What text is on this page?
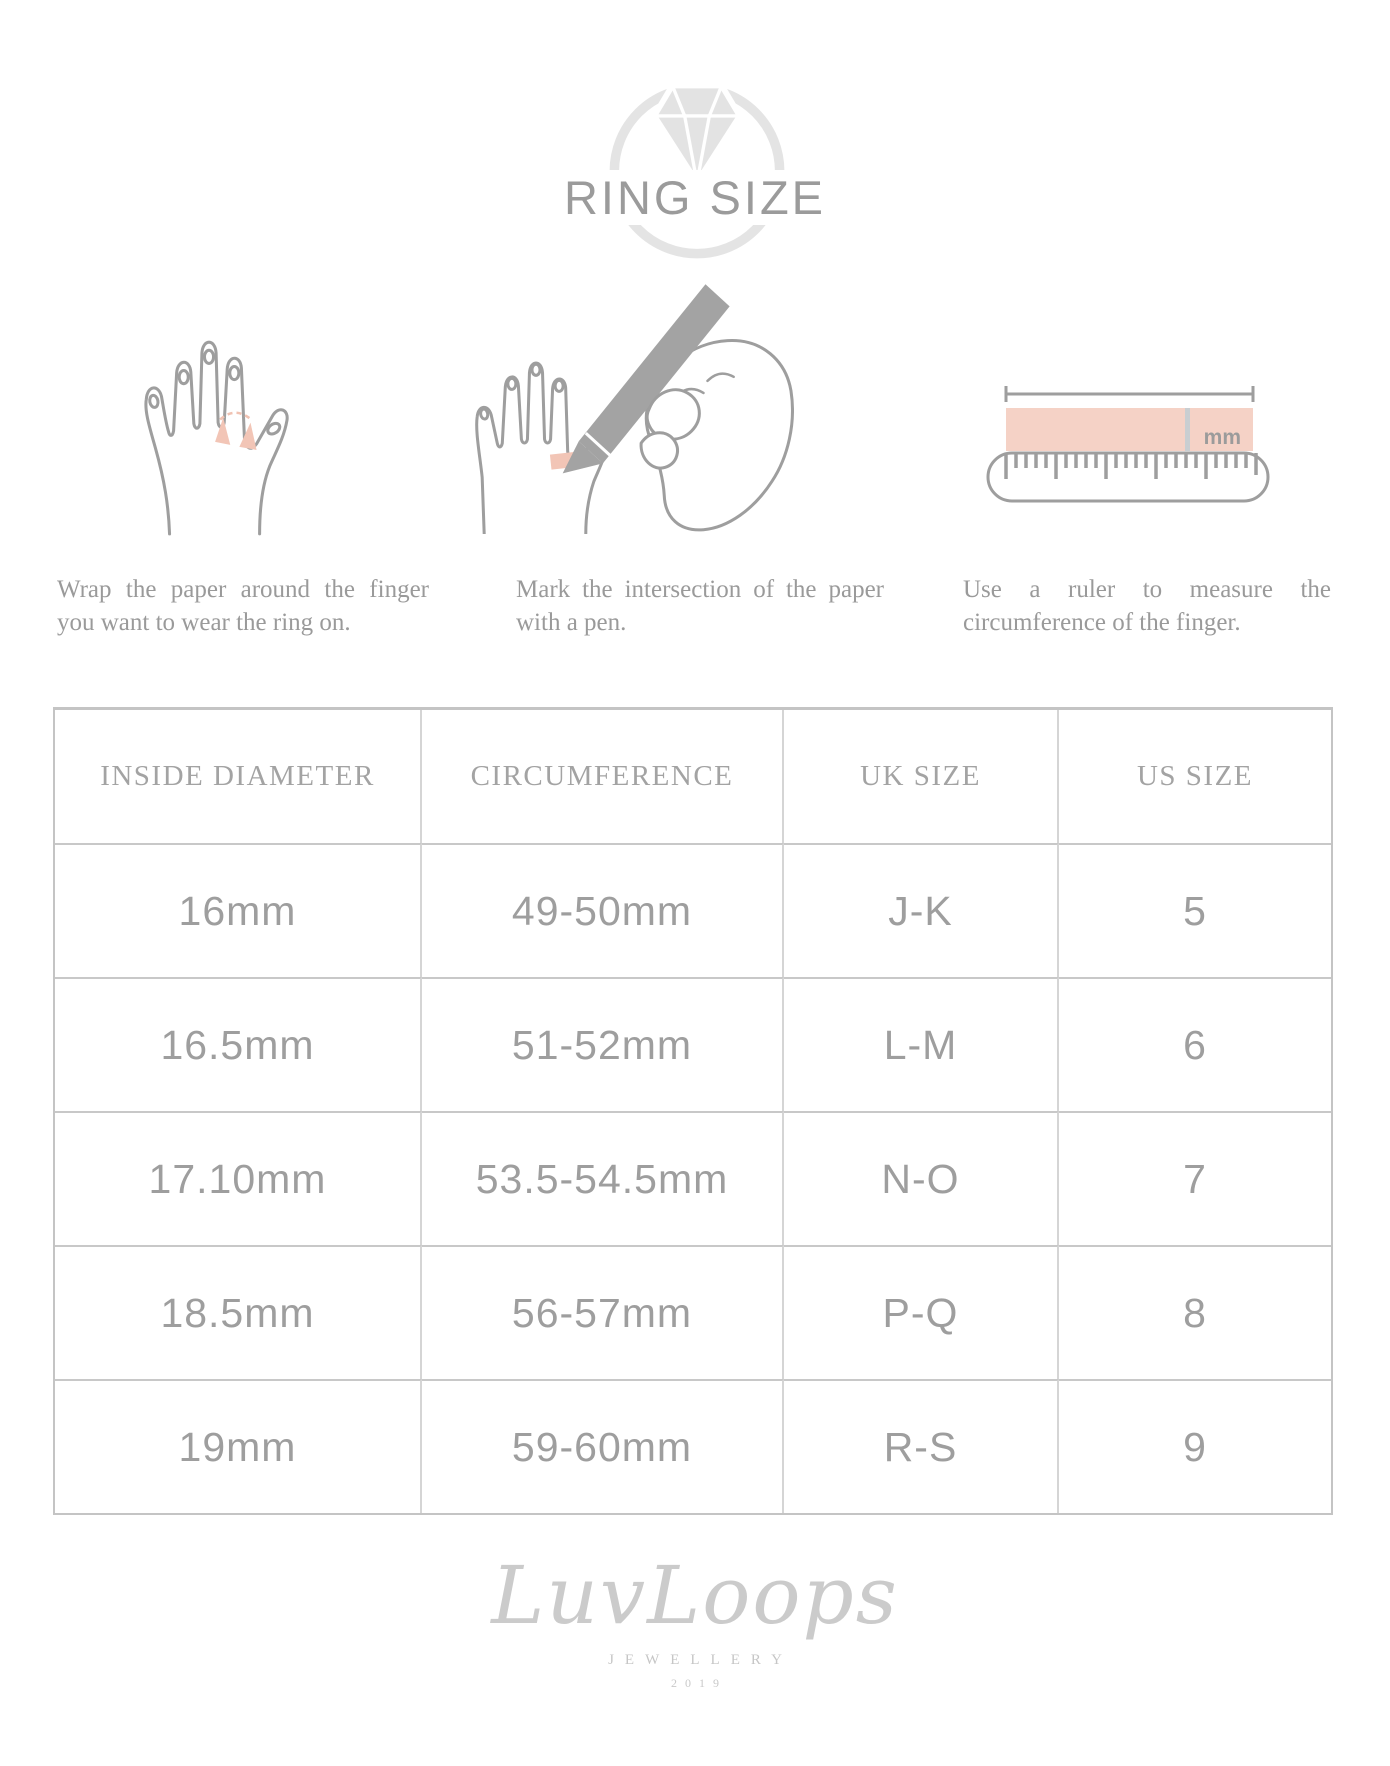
RING SIZE
mm

Wrap the paper around the finger you want to wear the ring on.

Mark the intersection of the paper with a pen.

Use a ruler to measure the circumference of the finger.

INSIDE DIAMETER	CIRCUMFERENCE	UK SIZE	US SIZE
16mm	49-50mm	J-K	5
16.5mm	51-52mm	L-M	6
17.10mm	53.5-54.5mm	N-O	7
18.5mm	56-57mm	P-Q	8
19mm	59-60mm	R-S	9
LuvLoops
JEWELLERY
2019
